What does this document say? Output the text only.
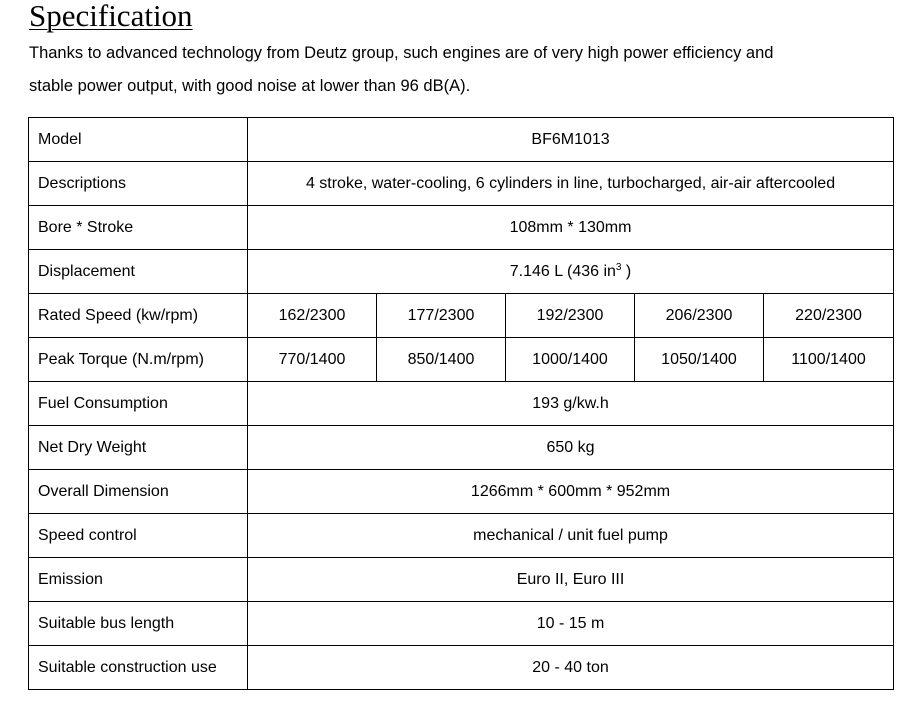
Specification

Thanks to advanced technology from Deutz group, such engines are of very high power efficiency and
stable power output, with good noise at lower than 96 dB(A).

Model	BF6M1013				
Descriptions	4 stroke, water-cooling, 6 cylinders in line, turbocharged, air-air aftercooled				
Bore * Stroke	108mm * 130mm				
Displacement	7.146 L (436 $in^3$ )				
Rated Speed (kw/rpm)	162/2300	177/2300	192/2300	206/2300	220/2300
Peak Torque (N.m/rpm)	770/1400	850/1400	1000/1400	1050/1400	1100/1400
Fuel Consumption	193 g/kw.h				
Net Dry Weight	650 kg				
Overall Dimension	1266mm * 600mm * 952mm				
Speed control	mechanical / unit fuel pump				
Emission	Euro II, Euro III				
Suitable bus length	10 - 15 m				
Suitable construction use	20 - 40 ton				
